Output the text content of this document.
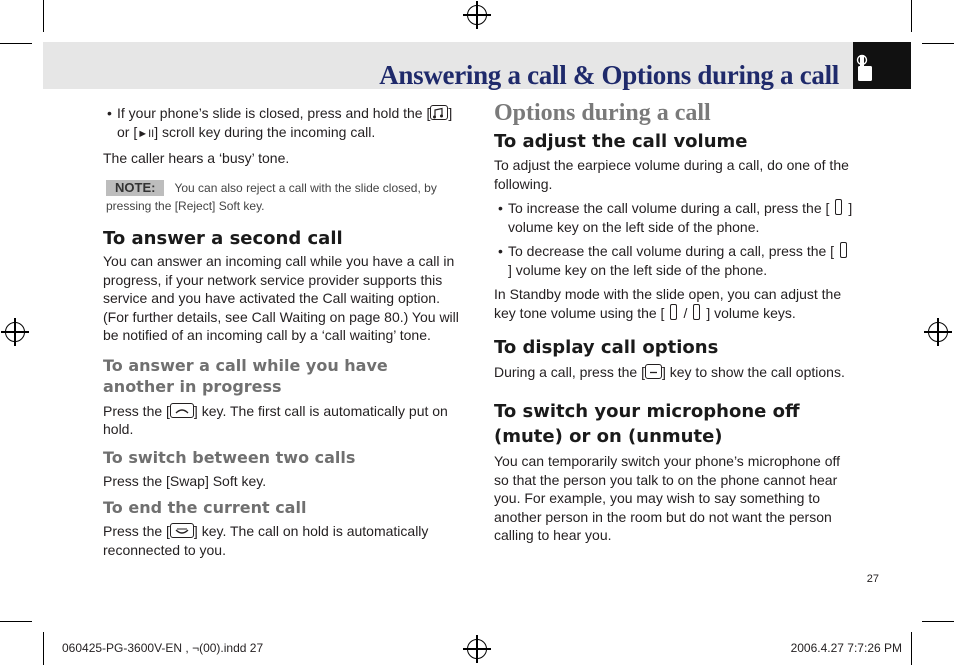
Answering a call & Options during a call
• If your phone’s slide is closed, press and hold the [ ] or [►II] scroll key during the incoming call.

The caller hears a ‘busy’ tone.

NOTE: You can also reject a call with the slide closed, by pressing the [Reject] Soft key.
To answer a second call

You can answer an incoming call while you have a call in progress, if your network service provider supports this service and you have activated the Call waiting option. (For further details, see Call Waiting on page 80.) You will be notified of an incoming call by a ‘call waiting’ tone.

To answer a call while you have another in progress

Press the [ ] key. The first call is automatically put on hold.

To switch between two calls

Press the [Swap] Soft key.

To end the current call

Press the [ ] key. The call on hold is automatically reconnected to you.

Options during a call
To adjust the call volume

To adjust the earpiece volume during a call, do one of the following.

• To increase the call volume during a call, press the [ ] volume key on the left side of the phone.
• To decrease the call volume during a call, press the [] volume key on the left side of the phone.

In Standby mode with the slide open, you can adjust the key tone volume using the [ / ] volume keys.

To display call options

During a call, press the [ ] key to show the call options.

To switch your microphone off (mute) or on (unmute)

You can temporarily switch your phone’s microphone off so that the person you talk to on the phone cannot hear you. For example, you may wish to say something to another person in the room but do not want the person calling to hear you.

27
060425-PG-3600V-EN , ¬(00).indd 27	2006.4.27 7:7:26 PM
